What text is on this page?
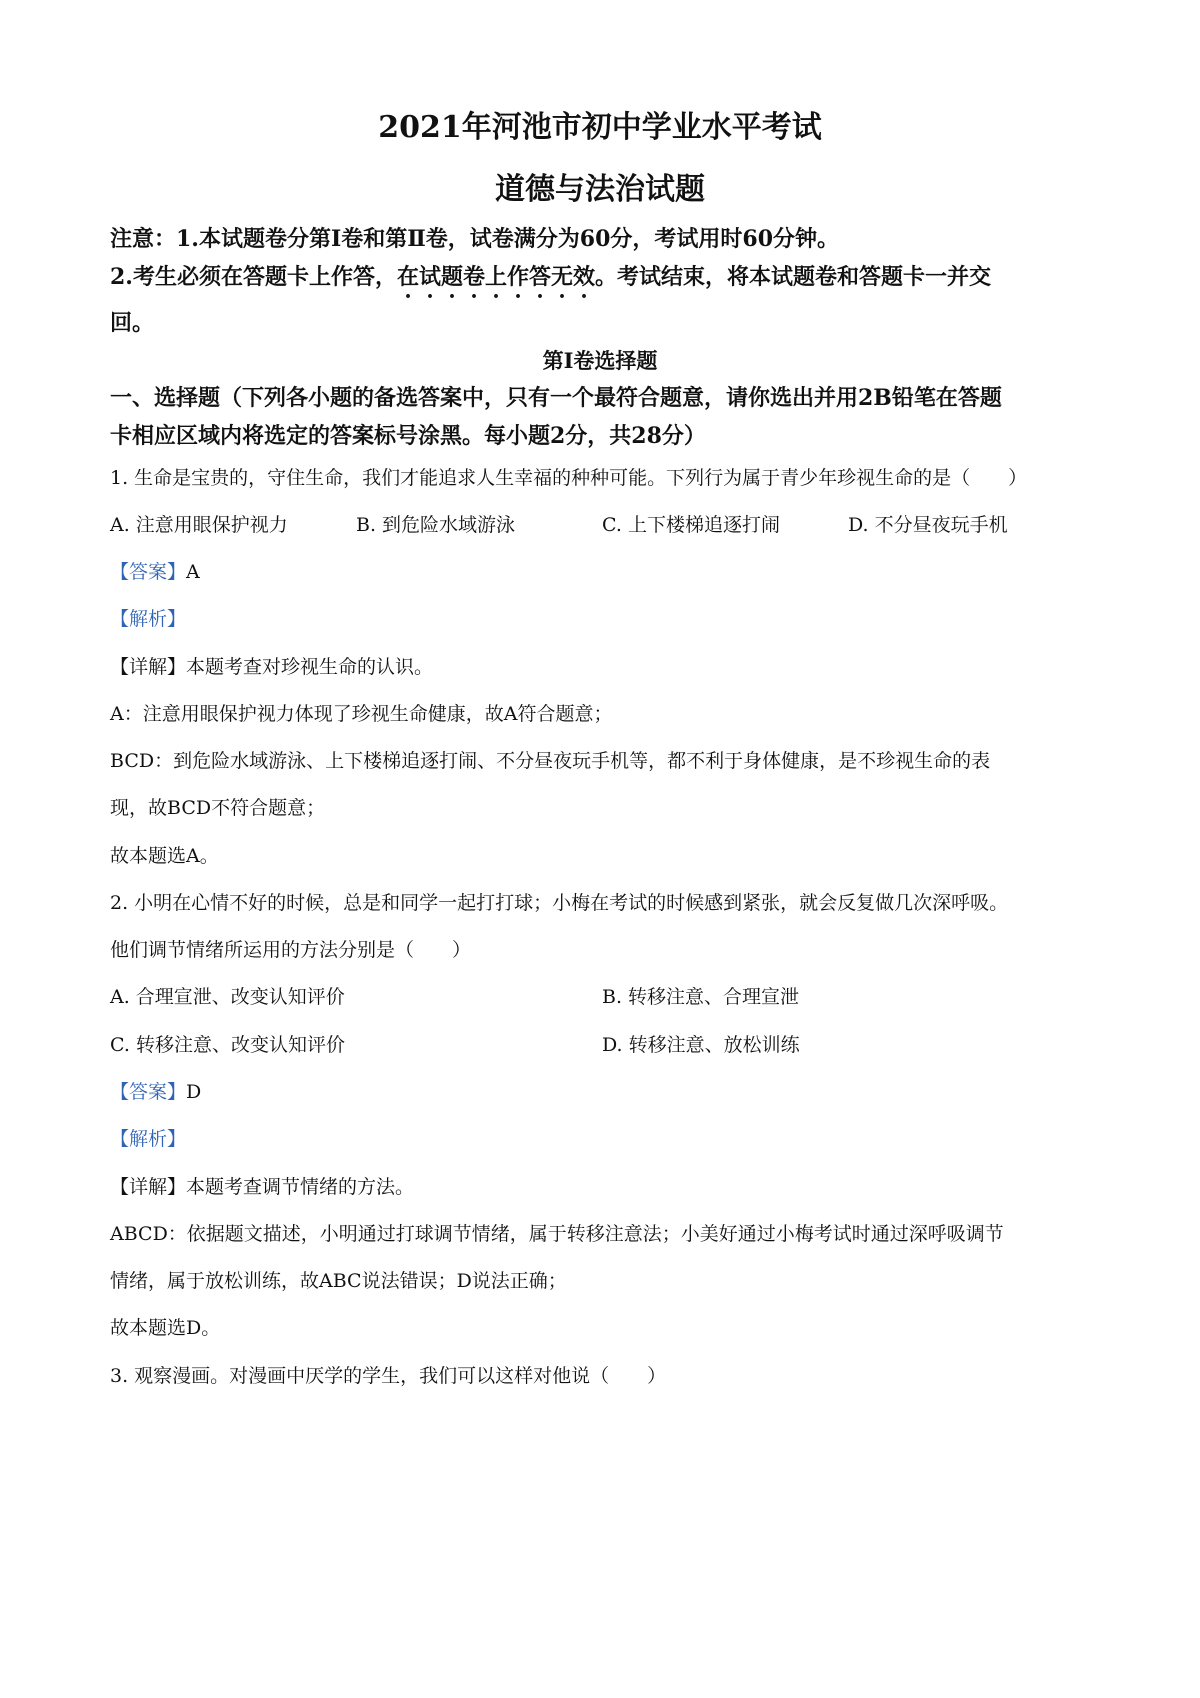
2021年河池市初中学业水平考试
道德与法治试题
注意：1.本试题卷分第Ⅰ卷和第Ⅱ卷，试卷满分为60分，考试用时60分钟。
2.考生必须在答题卡上作答，在试题卷上作答无效。考试结束，将本试题卷和答题卡一并交
回。
第Ⅰ卷选择题
一、选择题（下列各小题的备选答案中，只有一个最符合题意，请你选出并用2B铅笔在答题
卡相应区域内将选定的答案标号涂黑。每小题2分，共28分）
1. 生命是宝贵的，守住生命，我们才能追求人生幸福的种种可能。下列行为属于青少年珍视生命的是（　　）
A. 注意用眼保护视力	B. 到危险水域游泳	C. 上下楼梯追逐打闹	D. 不分昼夜玩手机
【答案】A
【解析】
【详解】本题考查对珍视生命的认识。
A：注意用眼保护视力体现了珍视生命健康，故A符合题意；
BCD：到危险水域游泳、上下楼梯追逐打闹、不分昼夜玩手机等，都不利于身体健康，是不珍视生命的表
现，故BCD不符合题意；
故本题选A。
2. 小明在心情不好的时候，总是和同学一起打打球；小梅在考试的时候感到紧张，就会反复做几次深呼吸。
他们调节情绪所运用的方法分别是（　　）
A. 合理宣泄、改变认知评价	B. 转移注意、合理宣泄
C. 转移注意、改变认知评价	D. 转移注意、放松训练
【答案】D
【解析】
【详解】本题考查调节情绪的方法。
ABCD：依据题文描述，小明通过打球调节情绪，属于转移注意法；小美好通过小梅考试时通过深呼吸调节
情绪，属于放松训练，故ABC说法错误；D说法正确；
故本题选D。
3. 观察漫画。对漫画中厌学的学生，我们可以这样对他说（　　）
